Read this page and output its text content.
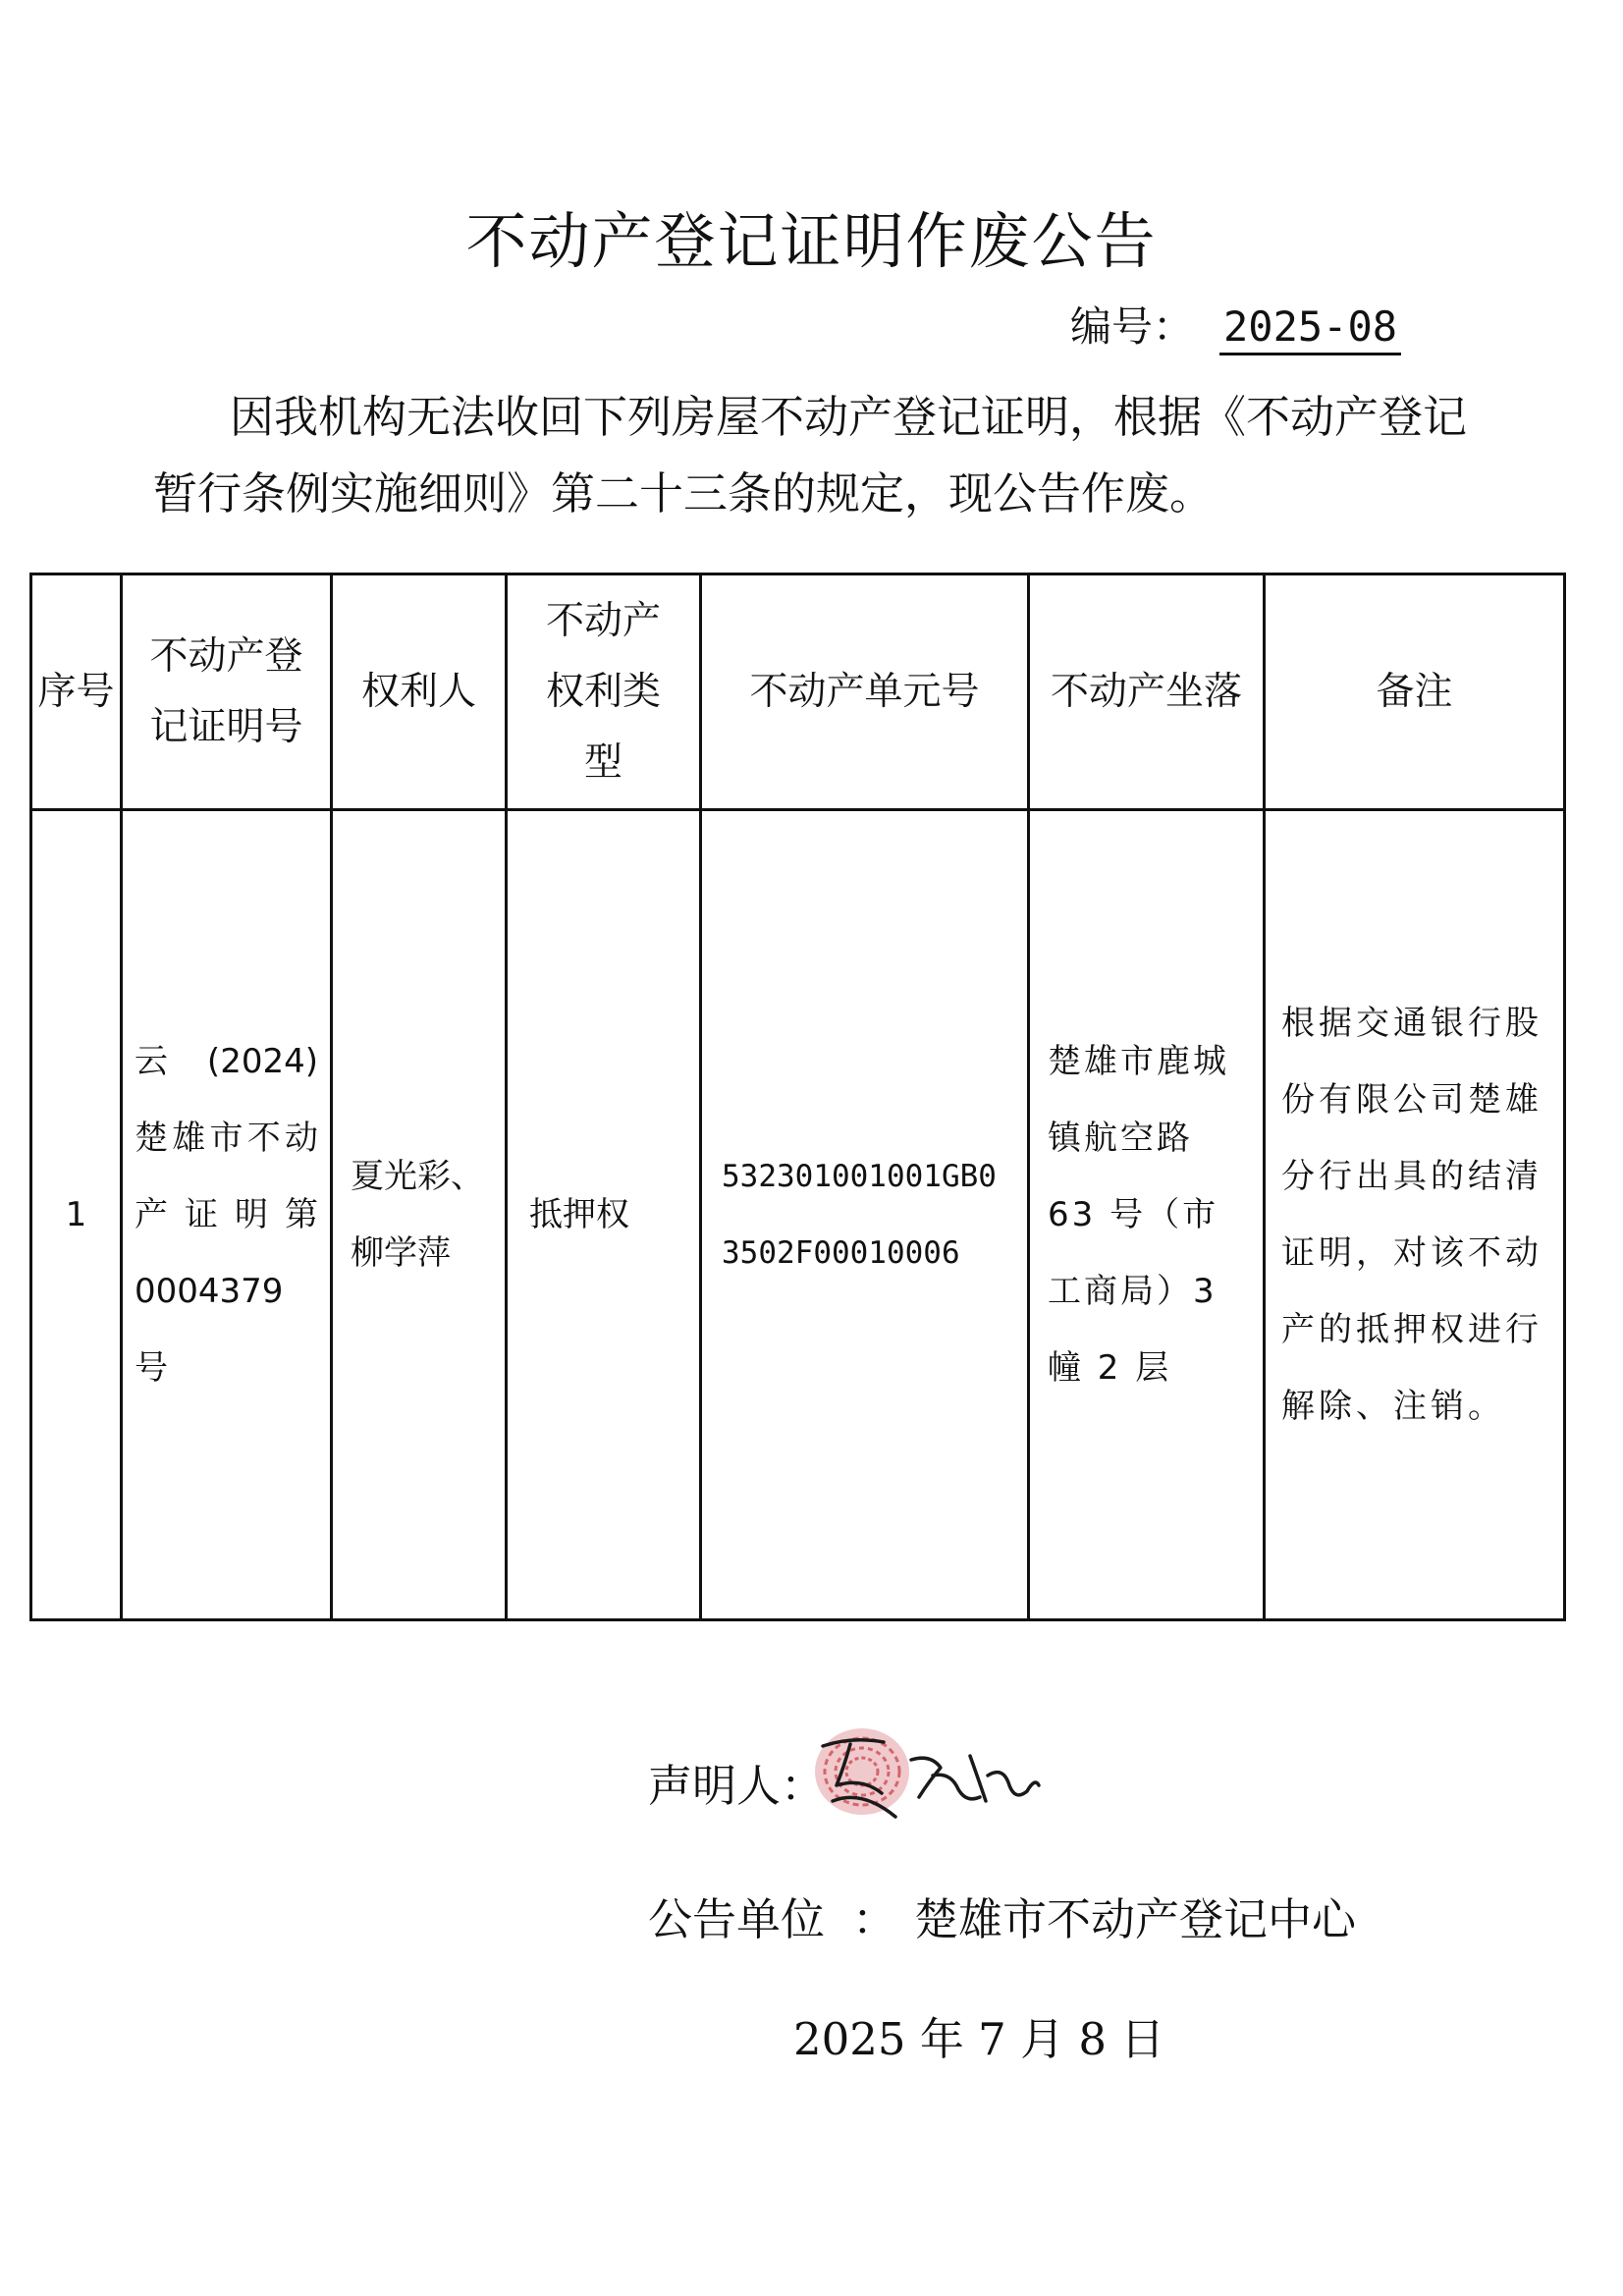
不动产登记证明作废公告
编号： 2025-08
因我机构无法收回下列房屋不动产登记证明，根据《不动产登记
暂行条例实施细则》第二十三条的规定，现公告作废。
序号	不动产登记证明号	权利人	不动产权利类型	不动产单元号	不动产坐落	备注
1	云 (2024) 楚雄市不动产证明第 0004379 号	夏光彩、柳学萍	抵押权	532301001001GB03502F00010006	楚雄市鹿城镇航空路 63 号（市工商局）3 幢 2 层	根据交通银行股份有限公司楚雄分行出具的结清证明，对该不动产的抵押权进行解除、注销。
声明人：
公告单位 ： 楚雄市不动产登记中心
2025 年 7 月 8 日
